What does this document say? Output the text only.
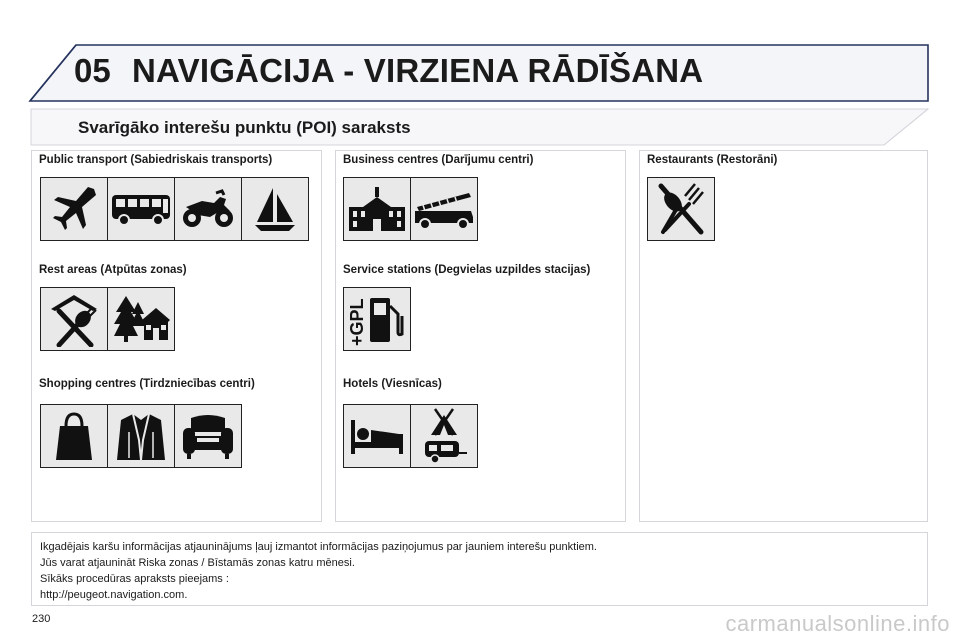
05 NAVIGĀCIJA - VIRZIENA RĀDĪŠANA
Svarīgāko interešu punktu (POI) saraksts
Public transport (Sabiedriskais transports)
Rest areas (Atpūtas zonas)
Shopping centres (Tirdzniecības centri)
Business centres (Darījumu centri)
Service stations (Degvielas uzpildes stacijas)
+GPL
Hotels (Viesnīcas)
Restaurants (Restorāni)
Ikgadējais karšu informācijas atjauninājums ļauj izmantot informācijas paziņojumus par jauniem interešu punktiem.
Jūs varat atjaunināt Riska zonas / Bīstamās zonas katru mēnesi.
Sīkāks procedūras apraksts pieejams :
http://peugeot.navigation.com.
230	carmanualsonline.info
